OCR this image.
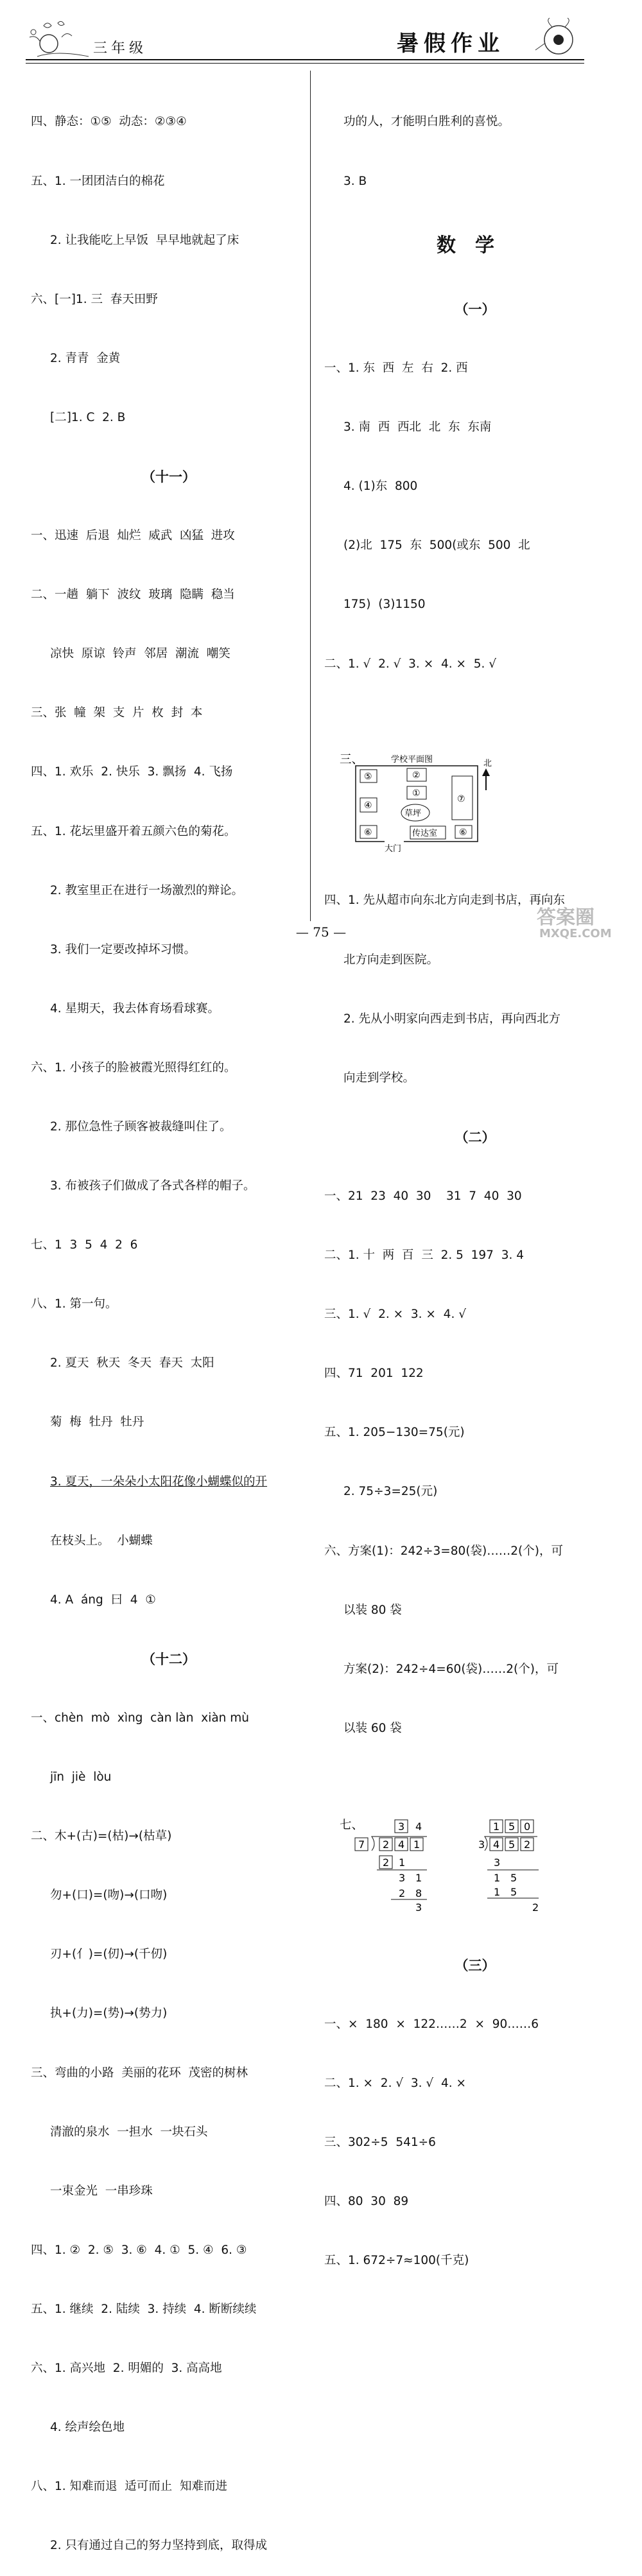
三年级	暑假作业

四、静态：①⑤  动态：②③④

五、1. 一团团洁白的棉花

2. 让我能吃上早饭  早早地就起了床

六、[一]1. 三  春天田野

2. 青青  金黄

[二]1. C  2. B

（十一）

一、迅速  后退  灿烂  威武  凶猛  进攻

二、一趟  躺下  波纹  玻璃  隐瞒  稳当

凉快  原谅  铃声  邻居  潮流  嘲笑

三、张  幢  架  支  片  枚  封  本

四、1. 欢乐  2. 快乐  3. 飘扬  4. 飞扬

五、1. 花坛里盛开着五颜六色的菊花。

2. 教室里正在进行一场激烈的辩论。

3. 我们一定要改掉坏习惯。

4. 星期天，我去体育场看球赛。

六、1. 小孩子的脸被霞光照得红红的。

2. 那位急性子顾客被裁缝叫住了。

3. 布被孩子们做成了各式各样的帽子。

七、1  3  5  4  2  6

八、1. 第一句。

2. 夏天  秋天  冬天  春天  太阳

菊  梅  牡丹  牡丹

3. 夏天，一朵朵小太阳花像小蝴蝶似的开

在枝头上。  小蝴蝶

4. A  áng  曰  4  ①

（十二）

一、chèn  mò  xìng  càn làn  xiàn mù

jīn  jiè  lòu

二、木+(古)=(枯)→(枯草)

勿+(口)=(吻)→(口吻)

刃+(亻)=(仞)→(千仞)

执+(力)=(势)→(势力)

三、弯曲的小路  美丽的花环  茂密的树林

清澈的泉水  一担水  一块石头

一束金光  一串珍珠

四、1. ②  2. ⑤  3. ⑥  4. ①  5. ④  6. ③

五、1. 继续  2. 陆续  3. 持续  4. 断断续续

六、1. 高兴地  2. 明媚的  3. 高高地

4. 绘声绘色地

八、1. 知难而退  适可而止  知难而进

2. 只有通过自己的努力坚持到底，取得成

功的人，才能明白胜利的喜悦。

3. B

数学

（一）

一、1. 东  西  左  右  2. 西

3. 南  西  西北  北  东  东南

4. (1)东  800

(2)北  175  东  500(或东  500  北

175)  (3)1150

二、1. √  2. √  3. ×  4. ×  5. √

三、	学校平面图
⑤	②
①
④
⑦
草坪
⑥	传达室 ⑥
大门
北

四、1. 先从超市向东北方向走到书店，再向东

北方向走到医院。

2. 先从小明家向西走到书店，再向西北方

向走到学校。

（二）

一、21  23  40  30    31  7  40  30

二、1. 十  两  百  三  2. 5  197  3. 4

三、1. √  2. ×  3. ×  4. √

四、71  201  122

五、1. 205−130=75(元)

2. 75÷3=25(元)

六、方案(1)：242÷3=80(袋)……2(个)，可

以装 80 袋

方案(2)：242÷4=60(袋)……2(个)，可

以装 60 袋

七、	3 4
7 2 4 1
2 1
3 1
2 8
3
1 5 0
3 4 5 2
3
1 5
1 5
2

（三）

一、×  180  ×  122……2  ×  90……6

二、1. ×  2. √  3. √  4. ×

三、302÷5  541÷6

四、80  30  89

五、1. 672÷7≈100(千克)

— 75 —
答案圈
MXQE.COM
